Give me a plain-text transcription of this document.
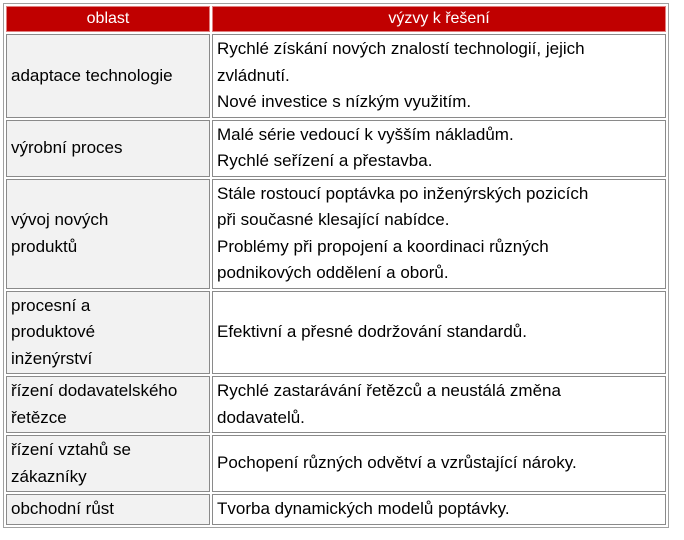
oblast	výzvy k řešení

adaptace technologie	Rychlé získání nových znalostí technologií, jejich
zvládnutí.
Nové investice s nízkým využitím.

výrobní proces	Malé série vedoucí k vyšším nákladům.
Rychlé seřízení a přestavba.

vývoj nových
produktů	Stále rostoucí poptávka po inženýrských pozicích
při současné klesající nabídce.
Problémy při propojení a koordinaci různých
podnikových oddělení a oborů.

procesní a
produktové
inženýrství	Efektivní a přesné dodržování standardů.

řízení dodavatelského
řetězce	Rychlé zastarávání řetězců a neustálá změna
dodavatelů.

řízení vztahů se
zákazníky	Pochopení různých odvětví a vzrůstající nároky.

obchodní růst	Tvorba dynamických modelů poptávky.
